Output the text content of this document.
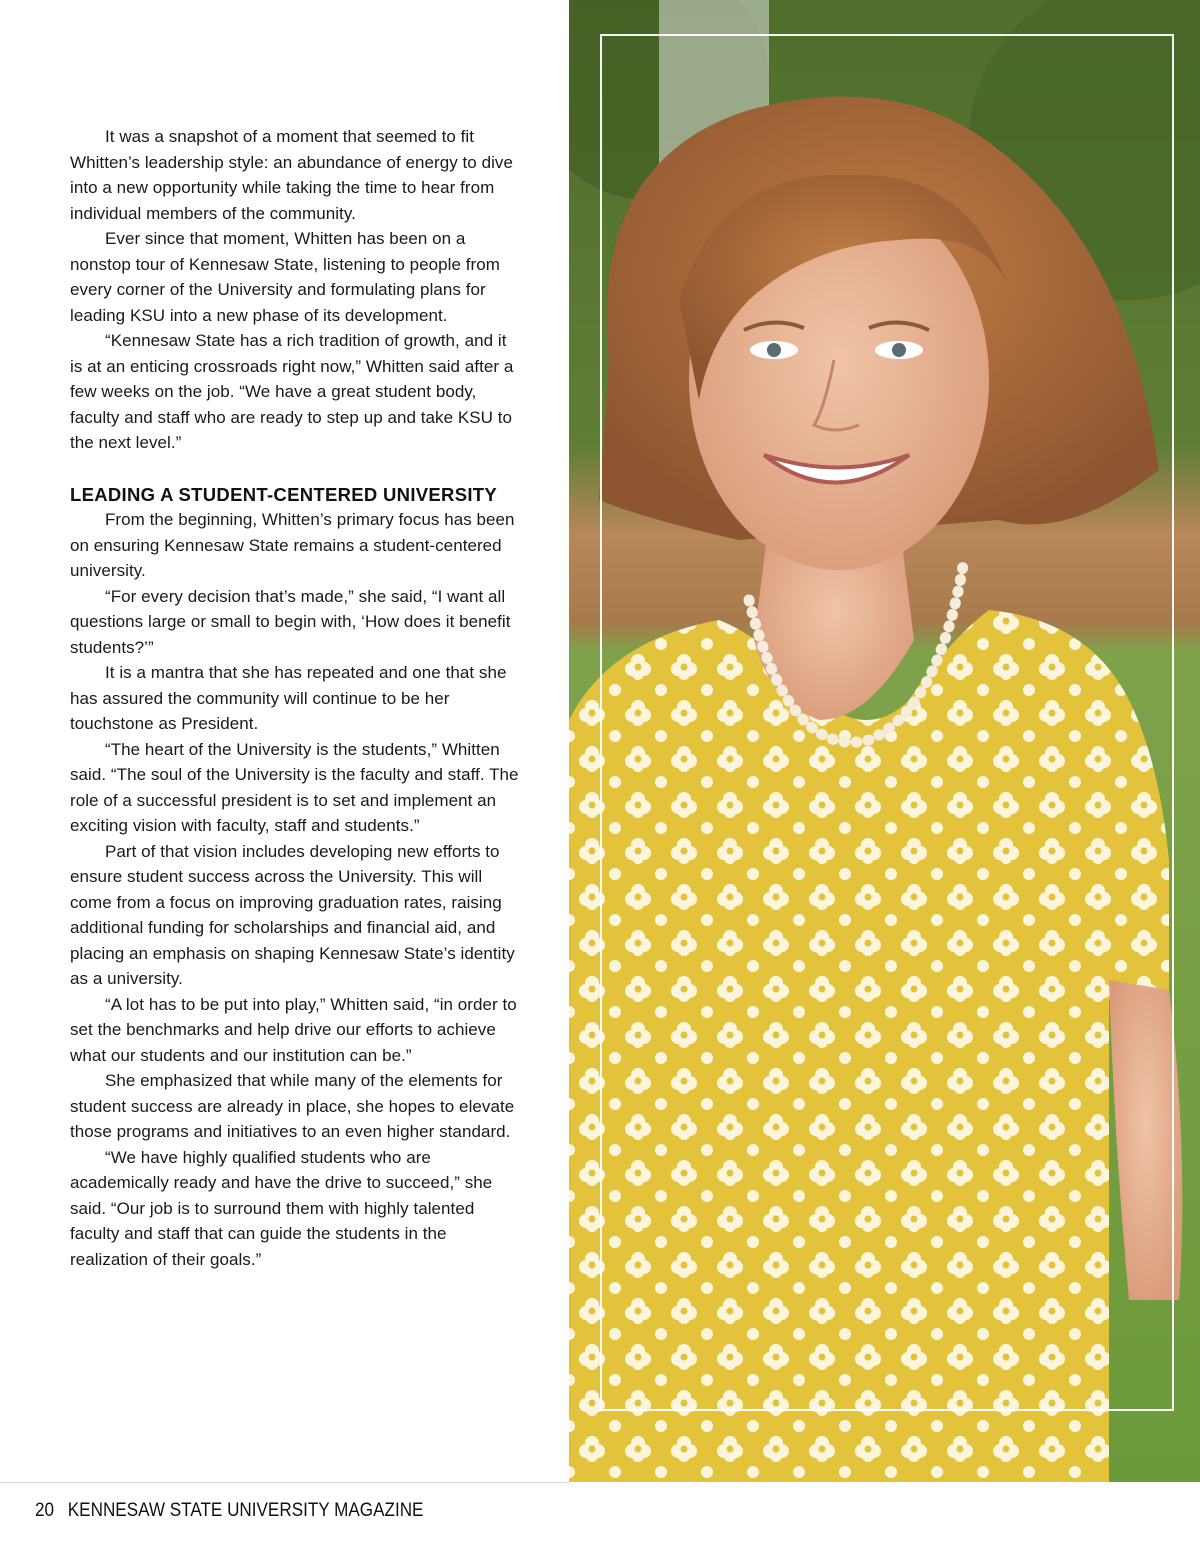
It was a snapshot of a moment that seemed to fit Whitten’s leadership style: an abundance of energy to dive into a new opportunity while taking the time to hear from individual members of the community.

Ever since that moment, Whitten has been on a nonstop tour of Kennesaw State, listening to people from every corner of the University and formulating plans for leading KSU into a new phase of its development.

“Kennesaw State has a rich tradition of growth, and it is at an enticing crossroads right now,” Whitten said after a few weeks on the job. “We have a great student body, faculty and staff who are ready to step up and take KSU to the next level.”

LEADING A STUDENT-CENTERED UNIVERSITY

From the beginning, Whitten’s primary focus has been on ensuring Kennesaw State remains a student-centered university.

“For every decision that’s made,” she said, “I want all questions large or small to begin with, ‘How does it benefit students?’”

It is a mantra that she has repeated and one that she has assured the community will continue to be her touchstone as President.

“The heart of the University is the students,” Whitten said. “The soul of the University is the faculty and staff. The role of a successful president is to set and implement an exciting vision with faculty, staff and students.”

Part of that vision includes developing new efforts to ensure student success across the University. This will come from a focus on improving graduation rates, raising additional funding for scholarships and financial aid, and placing an emphasis on shaping Kennesaw State’s identity as a university.

“A lot has to be put into play,” Whitten said, “in order to set the benchmarks and help drive our efforts to achieve what our students and our institution can be.”

She emphasized that while many of the elements for student success are already in place, she hopes to elevate those programs and initiatives to an even higher standard.

“We have highly qualified students who are academically ready and have the drive to succeed,” she said. “Our job is to surround them with highly talented faculty and staff that can guide the students in the realization of their goals.”

20 KENNESAW STATE UNIVERSITY MAGAZINE
